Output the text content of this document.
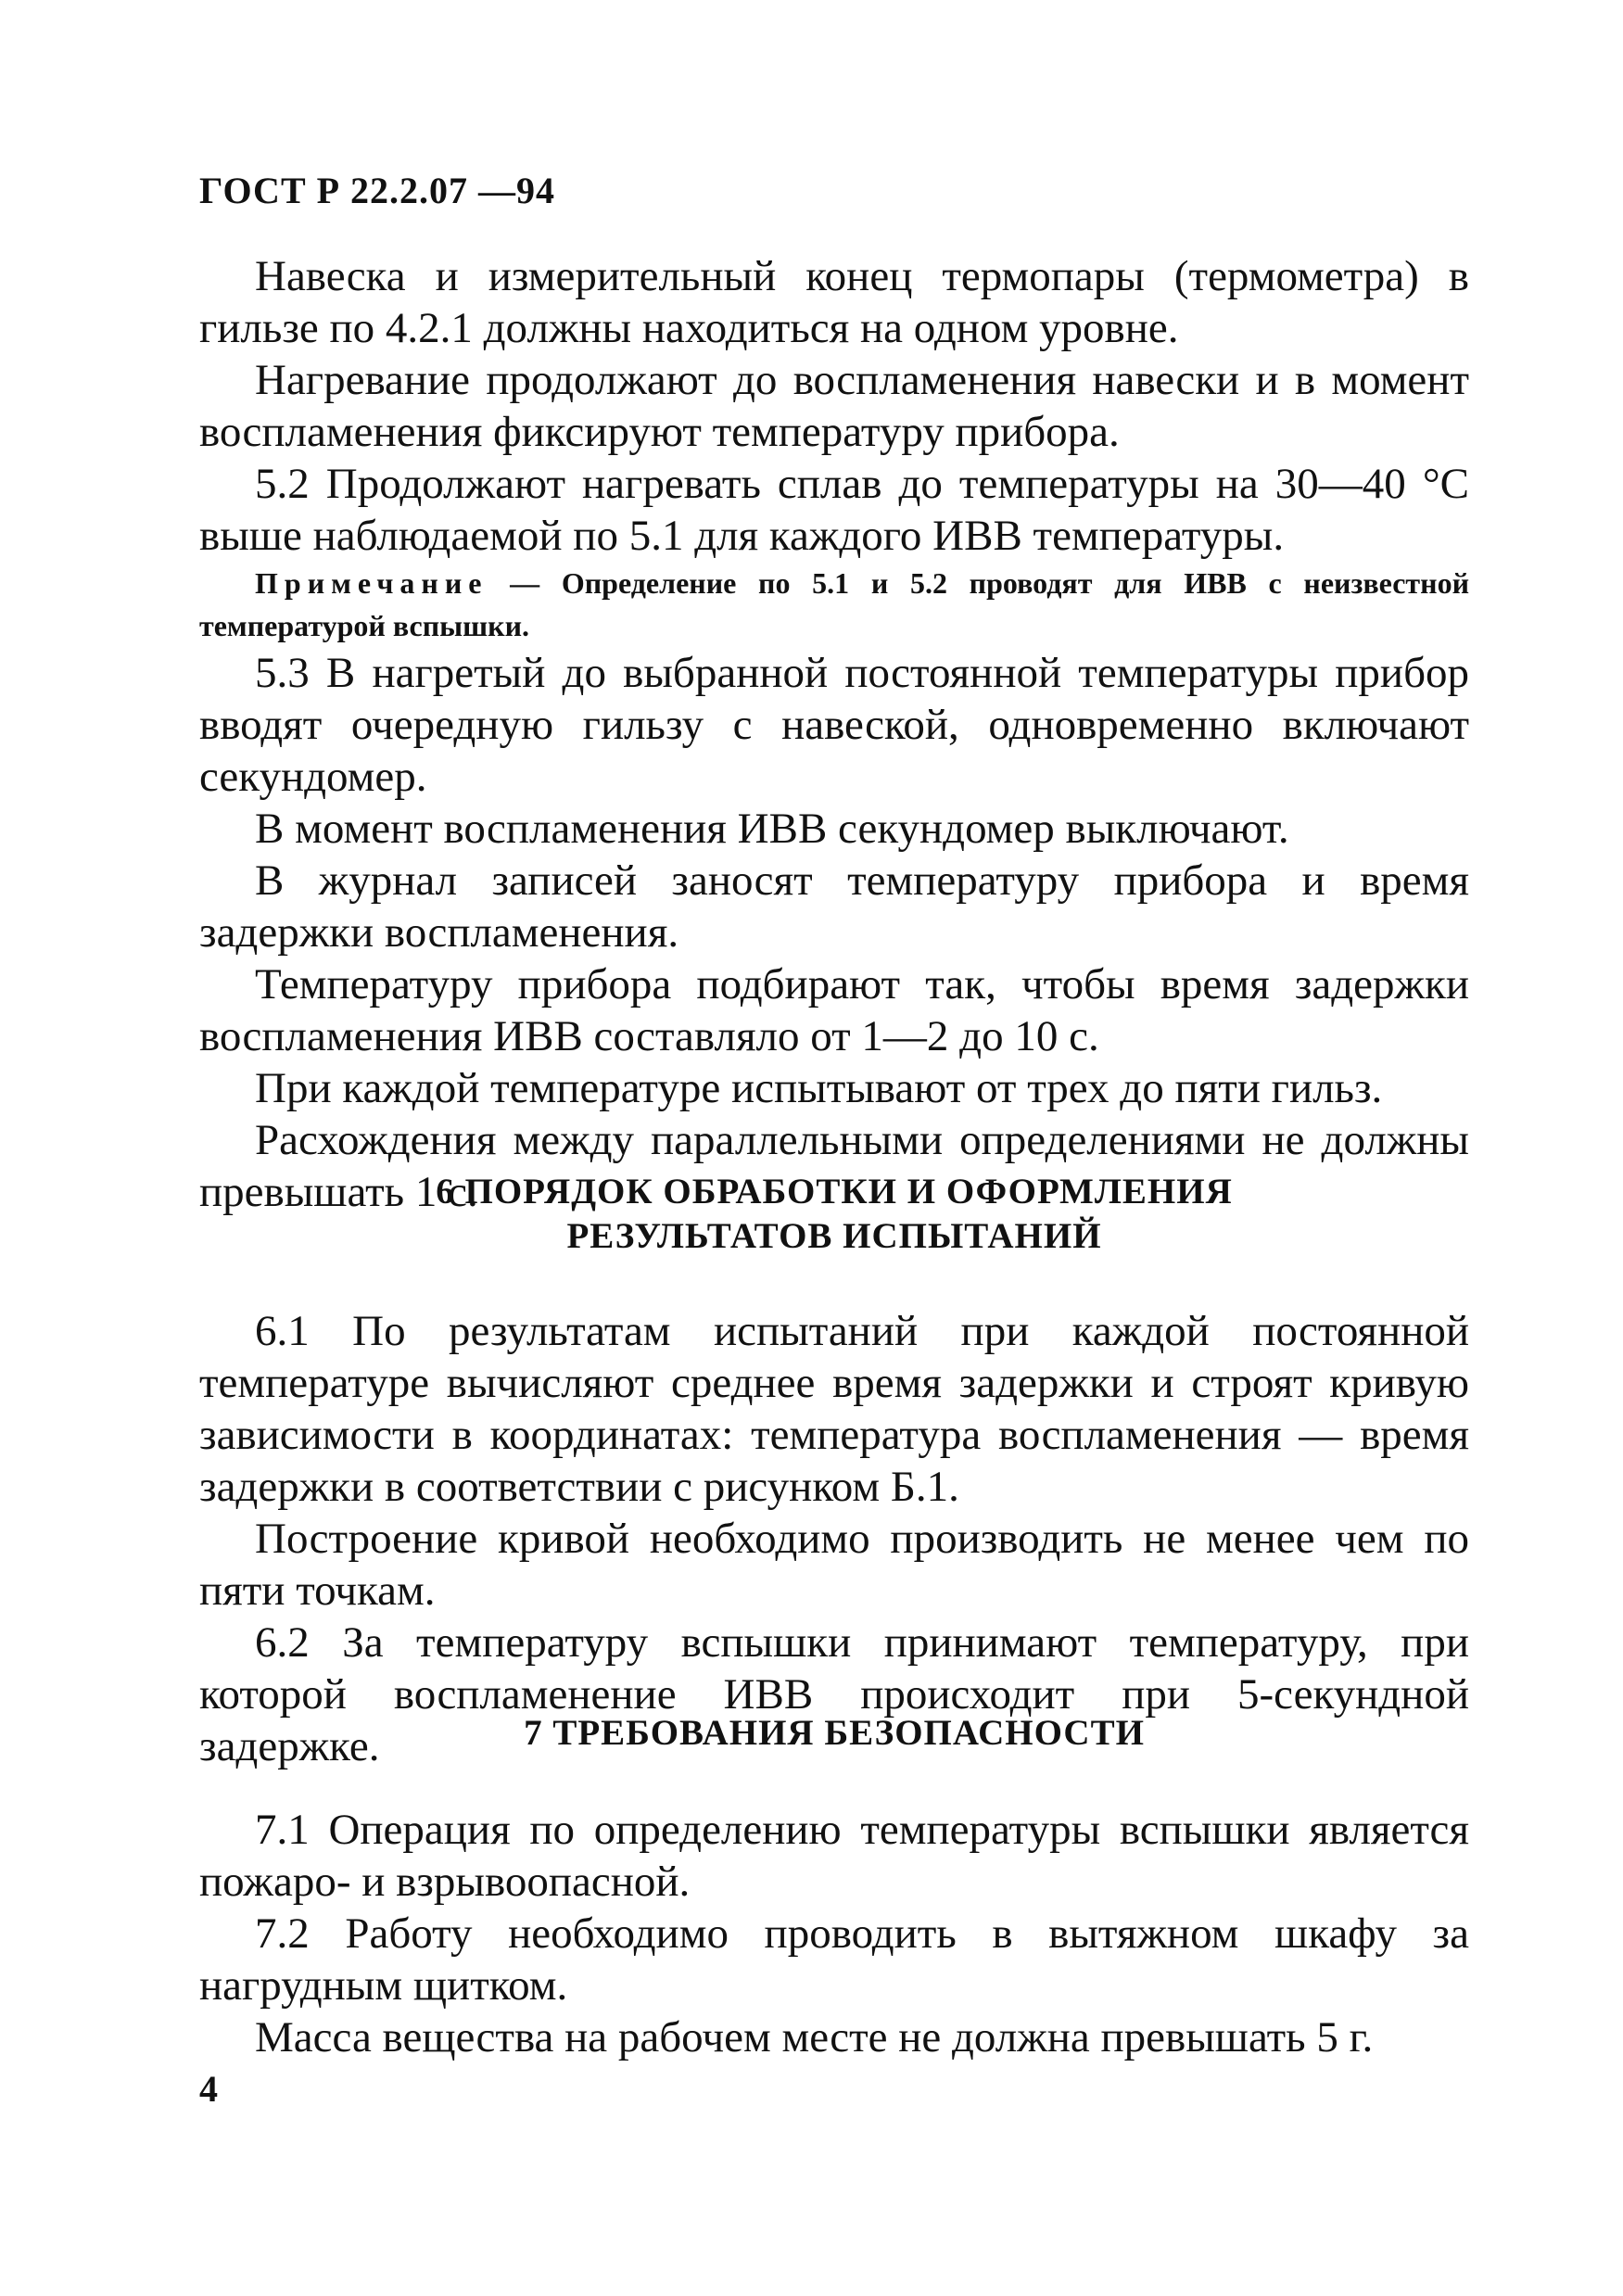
ГОСТ Р 22.2.07 —94

Навеска и измерительный конец термопары (термометра) в гильзе по 4.2.1 должны находиться на одном уровне.

Нагревание продолжают до воспламенения навески и в момент воспламенения фиксируют температуру прибора.

5.2 Продолжают нагревать сплав до температуры на 30—40 °С выше наблюдаемой по 5.1 для каждого ИВВ температуры.

Примечание — Определение по 5.1 и 5.2 проводят для ИВВ с неизвестной температурой вспышки.

5.3 В нагретый до выбранной постоянной температуры прибор вводят очередную гильзу с навеской, одновременно включают секундомер.

В момент воспламенения ИВВ секундомер выключают.

В журнал записей заносят температуру прибора и время задержки воспламенения.

Температуру прибора подбирают так, чтобы время задержки воспламенения ИВВ составляло от 1—2 до 10 с.

При каждой температуре испытывают от трех до пяти гильз.

Расхождения между параллельными определениями не должны превышать 1 с.

6 ПОРЯДОК ОБРАБОТКИ И ОФОРМЛЕНИЯ
РЕЗУЛЬТАТОВ ИСПЫТАНИЙ

6.1 По результатам испытаний при каждой постоянной температуре вычисляют среднее время задержки и строят кривую зависимости в координатах: температура воспламенения — время задержки в соответствии с рисунком Б.1.

Построение кривой необходимо производить не менее чем по пяти точкам.

6.2 За температуру вспышки принимают температуру, при которой воспламенение ИВВ происходит при 5-секундной задержке.	7 ТРЕБОВАНИЯ БЕЗОПАСНОСТИ

7.1 Операция по определению температуры вспышки является пожаро- и взрывоопасной.

7.2 Работу необходимо проводить в вытяжном шкафу за нагрудным щитком.

Масса вещества на рабочем месте не должна превышать 5 г.

4
